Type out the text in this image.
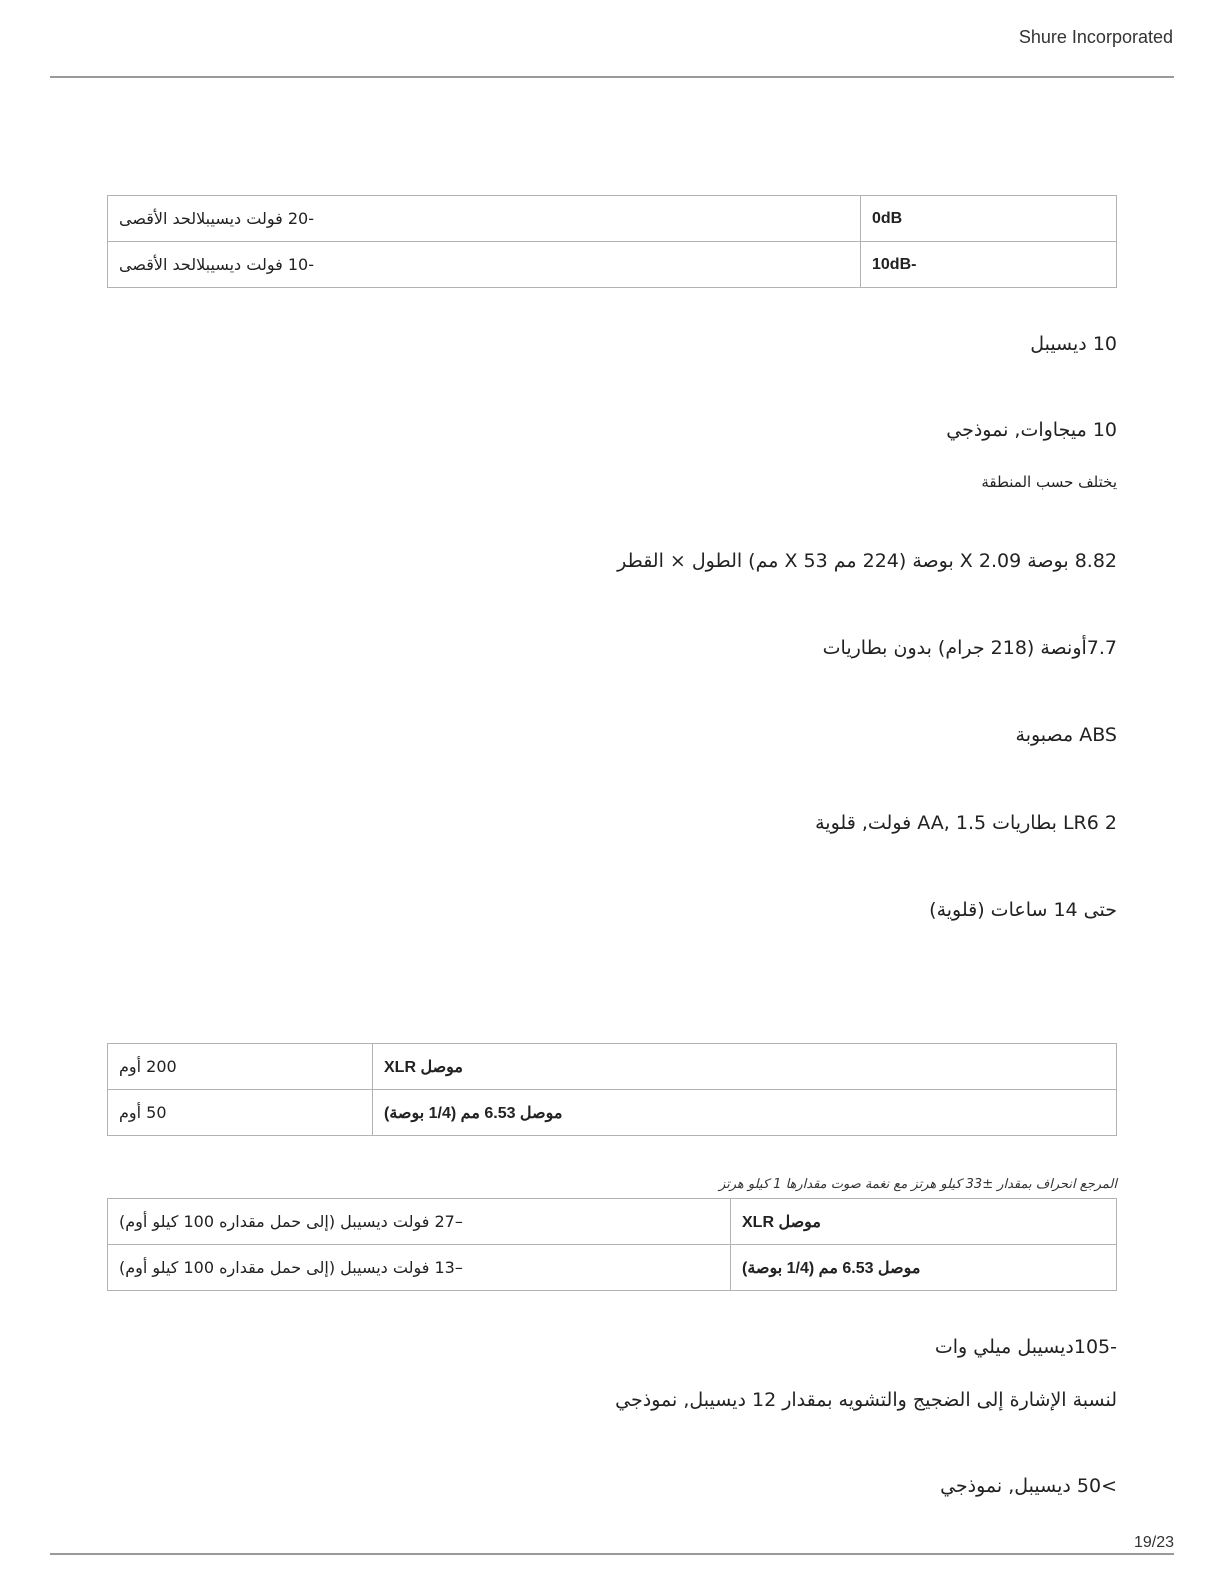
Shure Incorporated
-20 فولت ديسيبلالحد الأقصى	0dB
-10 فولت ديسيبلالحد الأقصى	10dB-
10 ديسيبل
10 ميجاوات, نموذجي
يختلف حسب المنطقة
8.82 بوصة X 2.09 بوصة (224 مم X 53 مم) الطول × القطر
7.7أونصة (218 جرام) بدون بطاريات
ABS مصبوبة
2 LR6 بطاريات AA, 1.5 فولت, قلوية
حتى 14 ساعات (قلوية)
200 أوم	موصل XLR
50 أوم	موصل 6.53 مم (1/4 بوصة)
المرجع انحراف بمقدار ±33 كيلو هرتز مع نغمة صوت مقدارها 1 كيلو هرتز
–27 فولت ديسيبل (إلى حمل مقداره 100 كيلو أوم)	موصل XLR
–13 فولت ديسيبل (إلى حمل مقداره 100 كيلو أوم)	موصل 6.53 مم (1/4 بوصة)
-105ديسيبل ميلي وات
لنسبة الإشارة إلى الضجيج والتشويه بمقدار 12 ديسيبل, نموذجي
>50 ديسيبل, نموذجي
19/23
